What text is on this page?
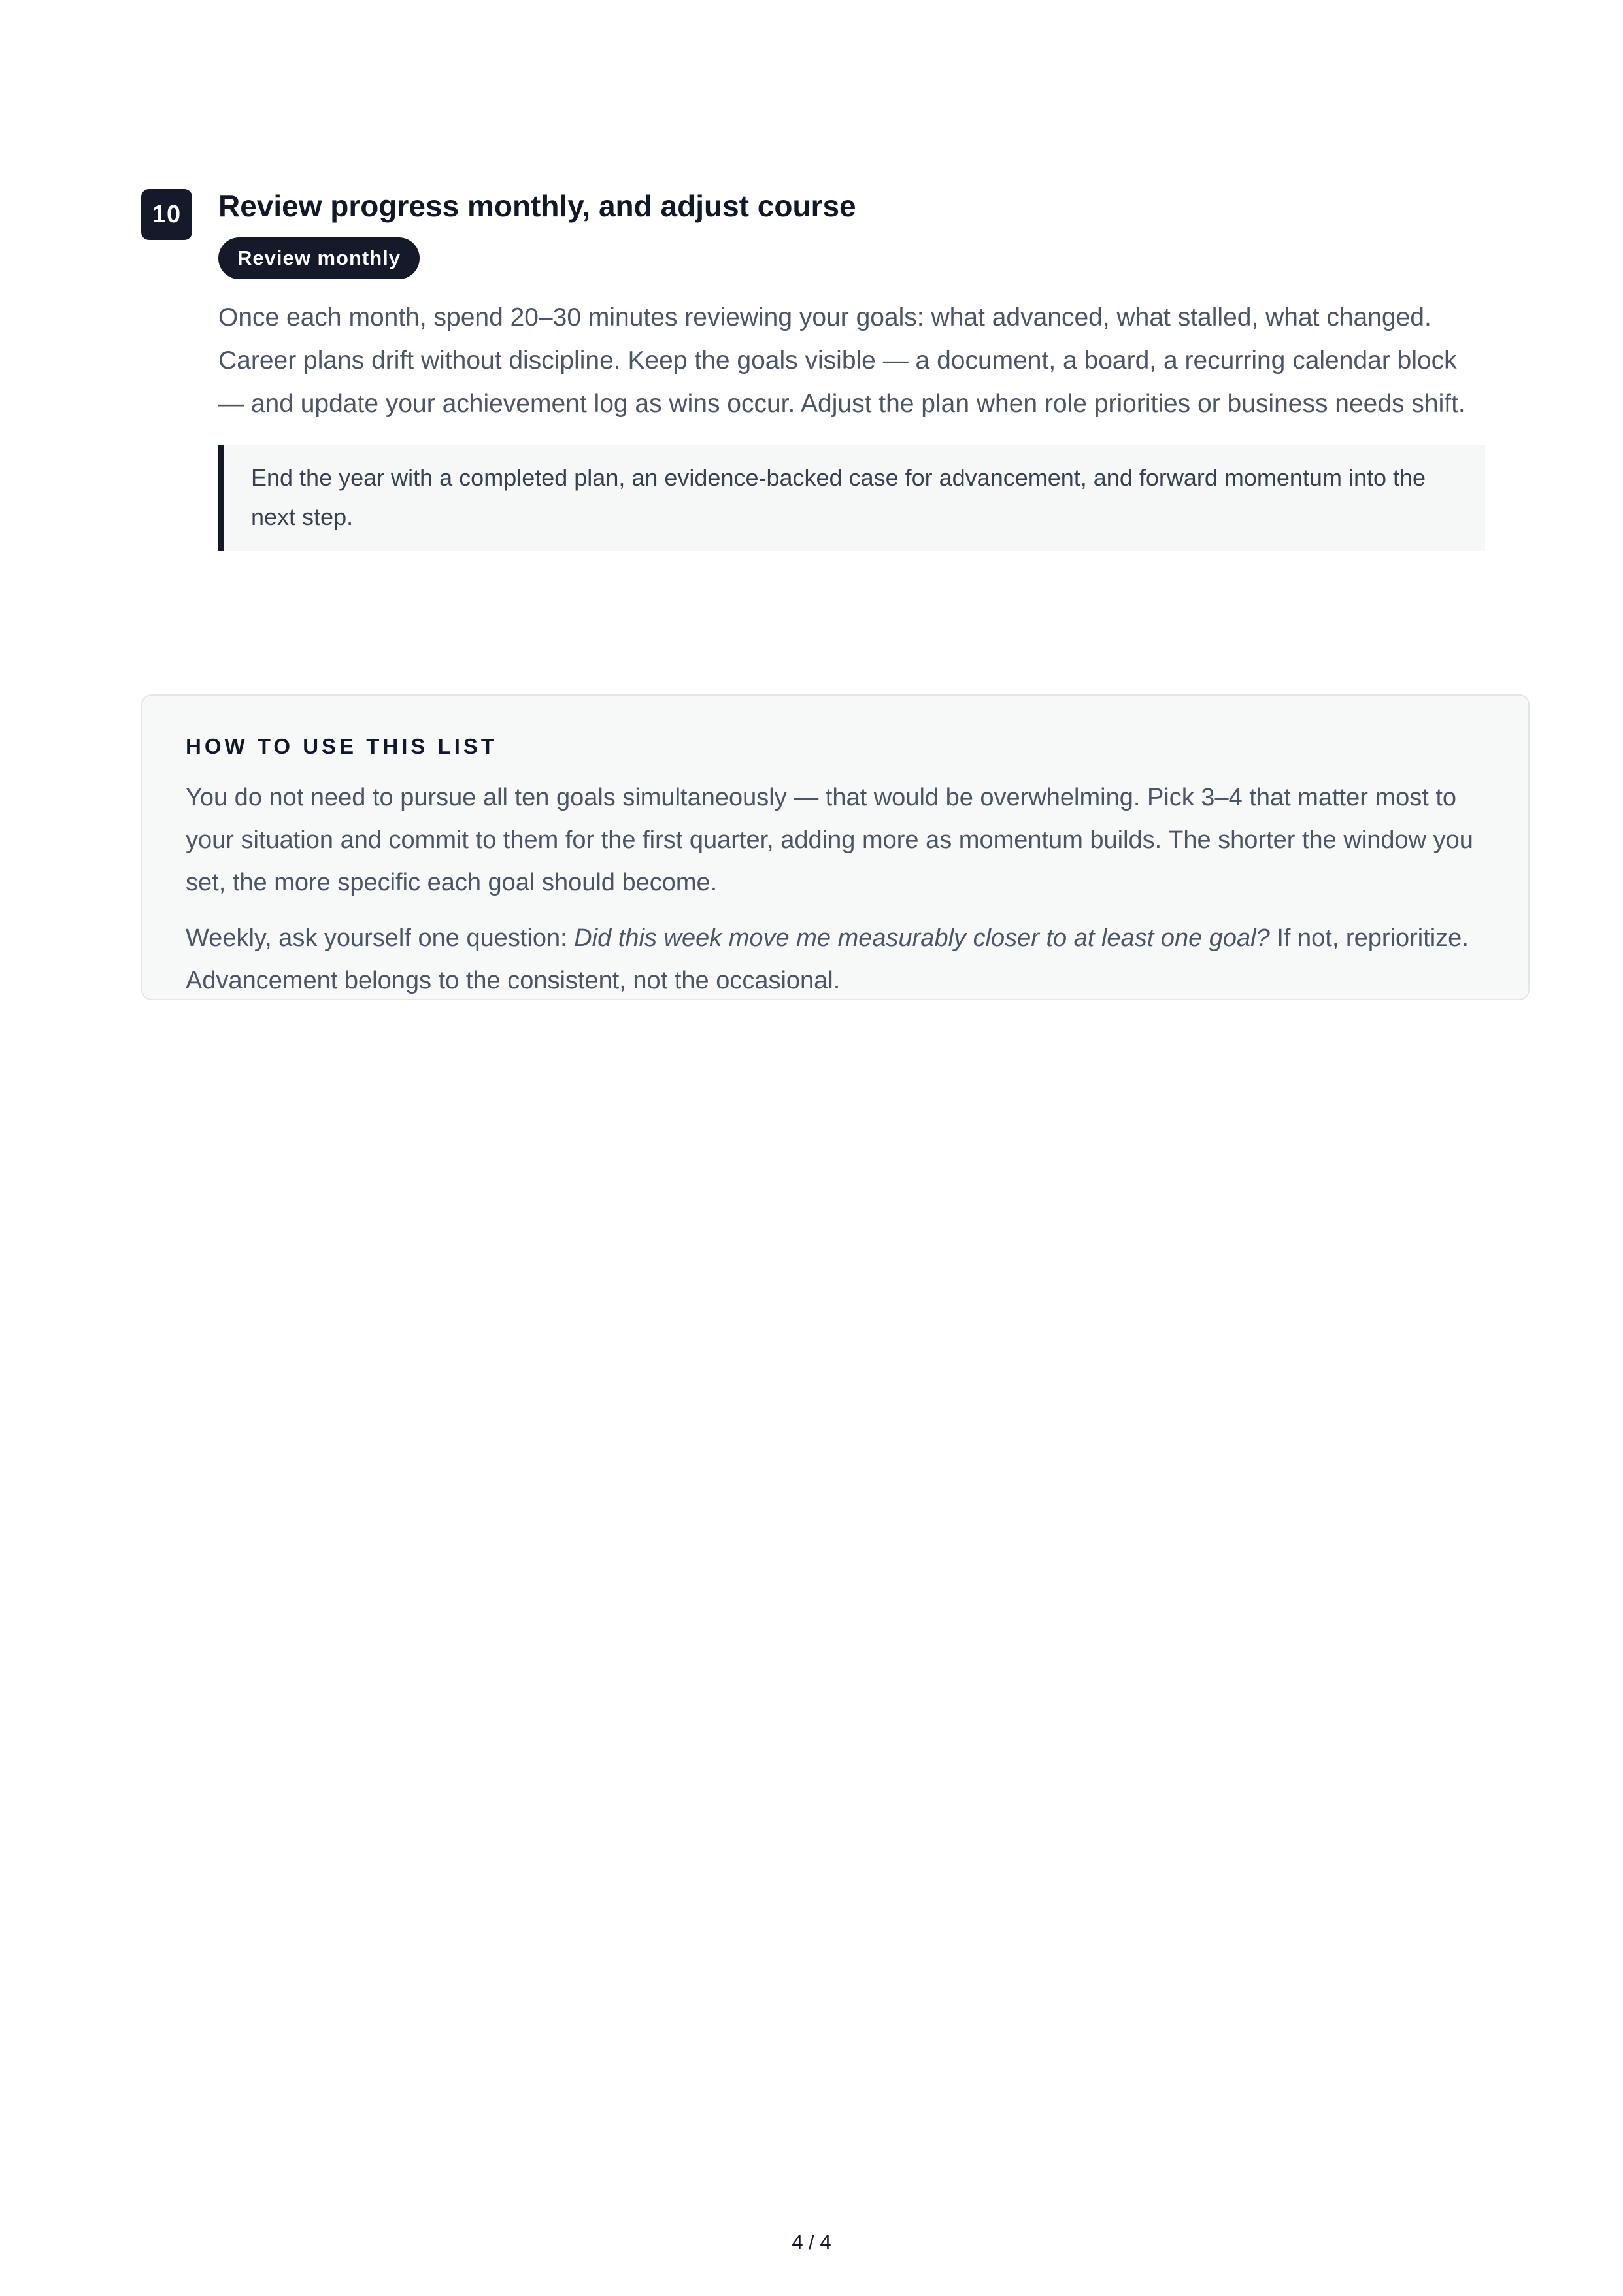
10	Review progress monthly, and adjust course
Review monthly

Once each month, spend 20–30 minutes reviewing your goals: what advanced, what stalled, what changed. Career plans drift without discipline. Keep the goals visible — a document, a board, a recurring calendar block — and update your achievement log as wins occur. Adjust the plan when role priorities or business needs shift.

End the year with a completed plan, an evidence-backed case for advancement, and forward momentum into the next step.
HOW TO USE THIS LIST

You do not need to pursue all ten goals simultaneously — that would be overwhelming. Pick 3–4 that matter most to your situation and commit to them for the first quarter, adding more as momentum builds. The shorter the window you set, the more specific each goal should become.

Weekly, ask yourself one question: Did this week move me measurably closer to at least one goal? If not, reprioritize. Advancement belongs to the consistent, not the occasional.

4 / 4
